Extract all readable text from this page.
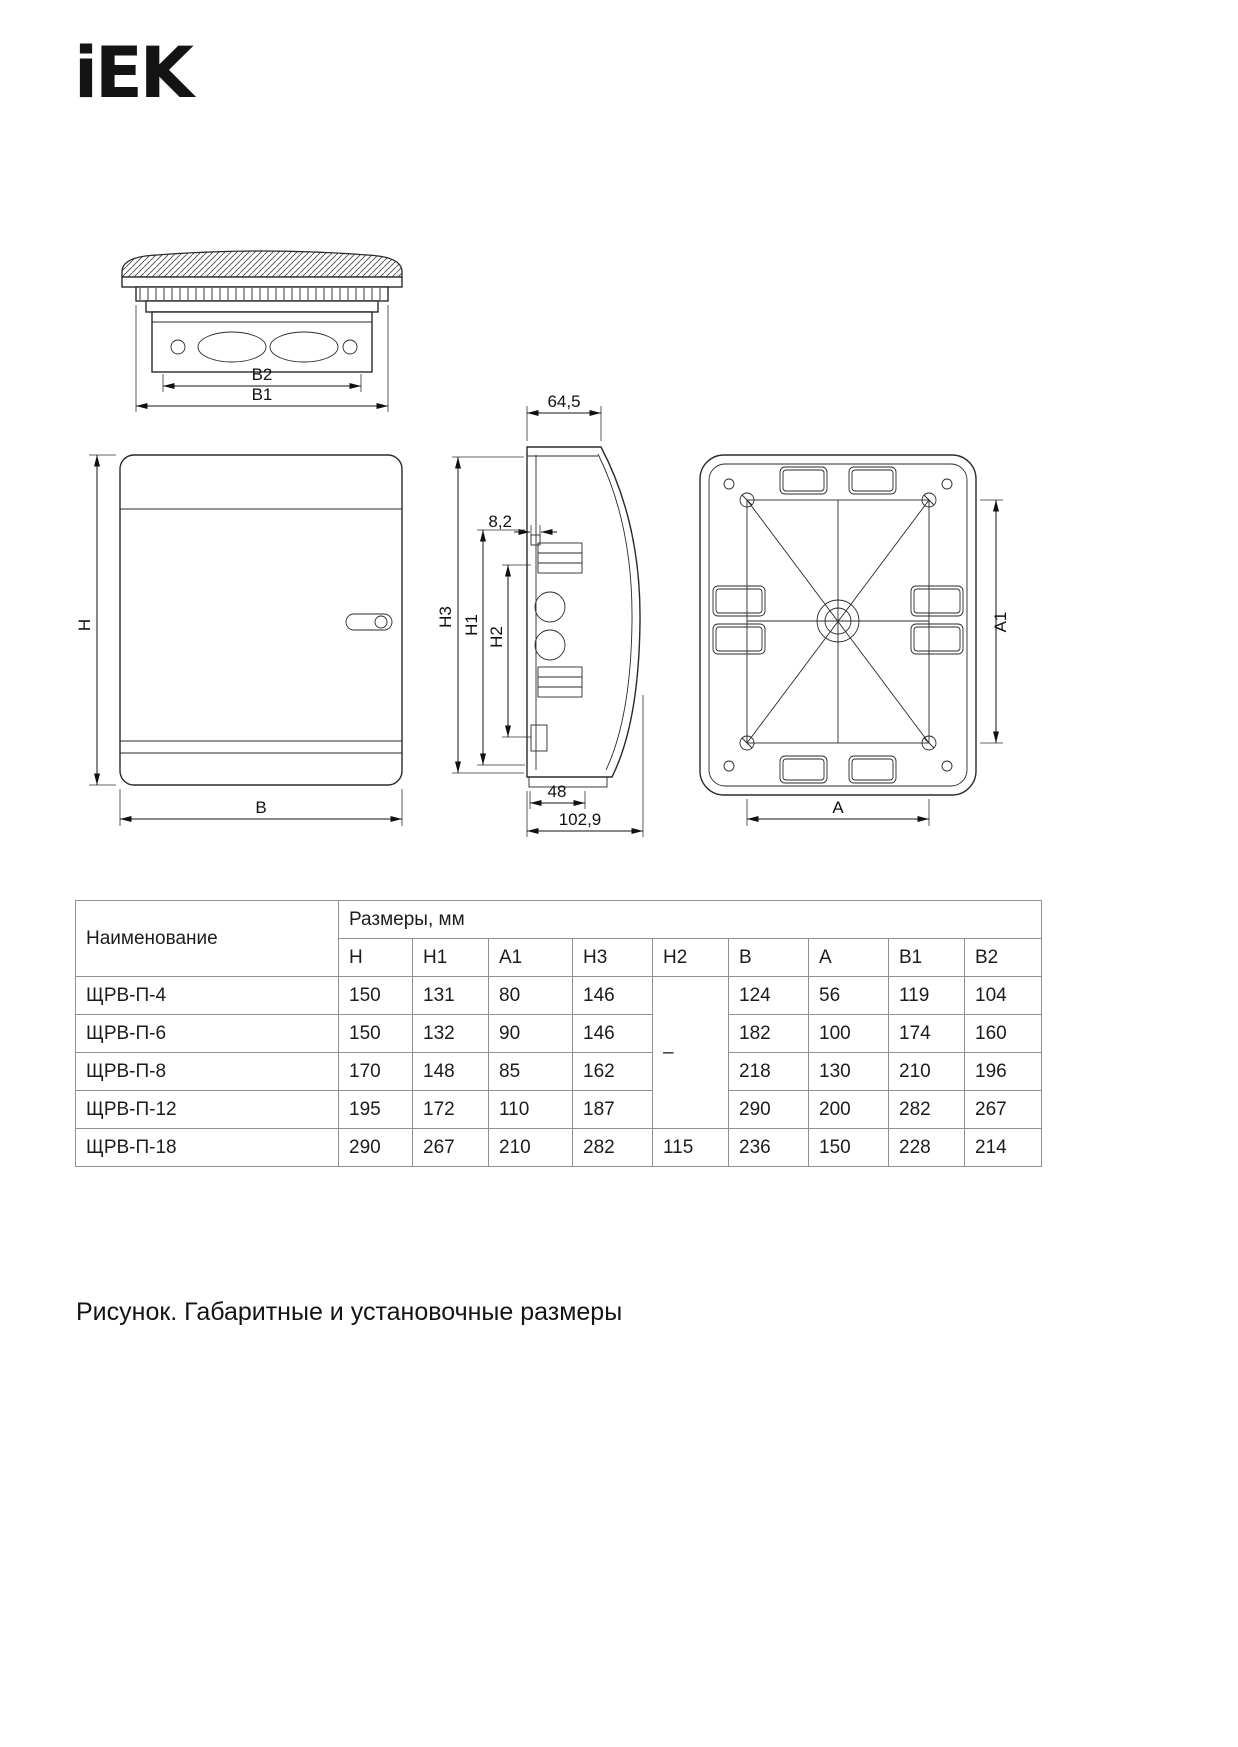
iEK
B2
B1
H
B
64,5
8,2
H3 H1
H2
48
102,9
A1
A
Наименование	Размеры, мм								
	Н	Н1	А1	Н3	Н2	В	А	В1	В2
ЩРВ-П-4	150	131	80	146	–	124	56	119	104
ЩРВ-П-6	150	132	90	146		182	100	174	160
ЩРВ-П-8	170	148	85	162		218	130	210	196
ЩРВ-П-12	195	172	110	187		290	200	282	267
ЩРВ-П-18	290	267	210	282	115	236	150	228	214
Рисунок. Габаритные и установочные размеры
